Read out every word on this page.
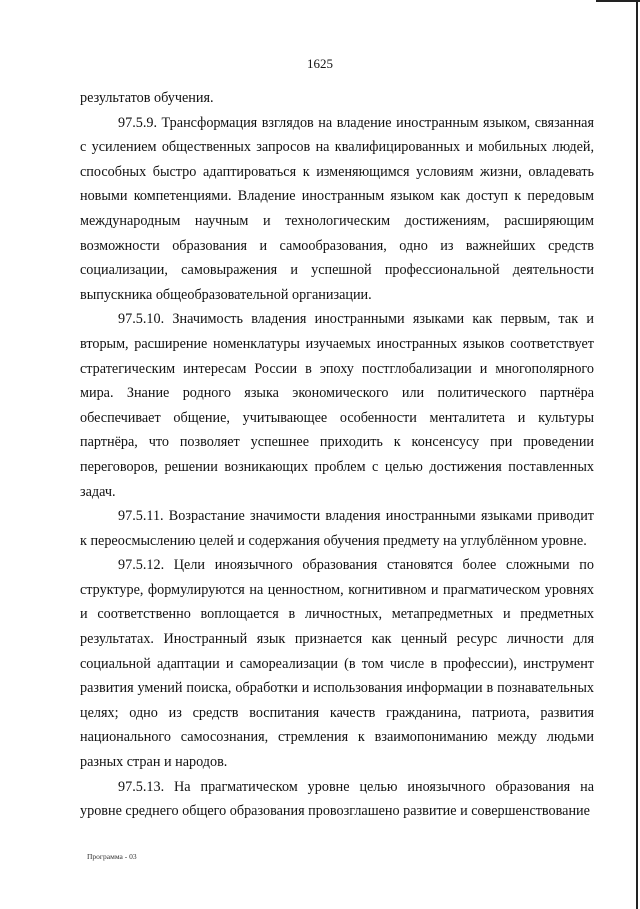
1625

результатов обучения.

97.5.9. Трансформация взглядов на владение иностранным языком, связанная с усилением общественных запросов на квалифицированных и мобильных людей, способных быстро адаптироваться к изменяющимся условиям жизни, овладевать новыми компетенциями. Владение иностранным языком как доступ к передовым международным научным и технологическим достижениям, расширяющим возможности образования и самообразования, одно из важнейших средств социализации, самовыражения и успешной профессиональной деятельности выпускника общеобразовательной организации.

97.5.10. Значимость владения иностранными языками как первым, так и вторым, расширение номенклатуры изучаемых иностранных языков соответствует стратегическим интересам России в эпоху постглобализации и многополярного мира. Знание родного языка экономического или политического партнёра обеспечивает общение, учитывающее особенности менталитета и культуры партнёра, что позволяет успешнее приходить к консенсусу при проведении переговоров, решении возникающих проблем с целью достижения поставленных задач.

97.5.11. Возрастание значимости владения иностранными языками приводит к переосмыслению целей и содержания обучения предмету на углублённом уровне.

97.5.12. Цели иноязычного образования становятся более сложными по структуре, формулируются на ценностном, когнитивном и прагматическом уровнях и соответственно воплощается в личностных, метапредметных и предметных результатах. Иностранный язык признается как ценный ресурс личности для социальной адаптации и самореализации (в том числе в профессии), инструмент развития умений поиска, обработки и использования информации в познавательных целях; одно из средств воспитания качеств гражданина, патриота, развития национального самосознания, стремления к взаимопониманию между людьми разных стран и народов.

97.5.13. На прагматическом уровне целью иноязычного образования на уровне среднего общего образования провозглашено развитие и совершенствование

Программа - 03
